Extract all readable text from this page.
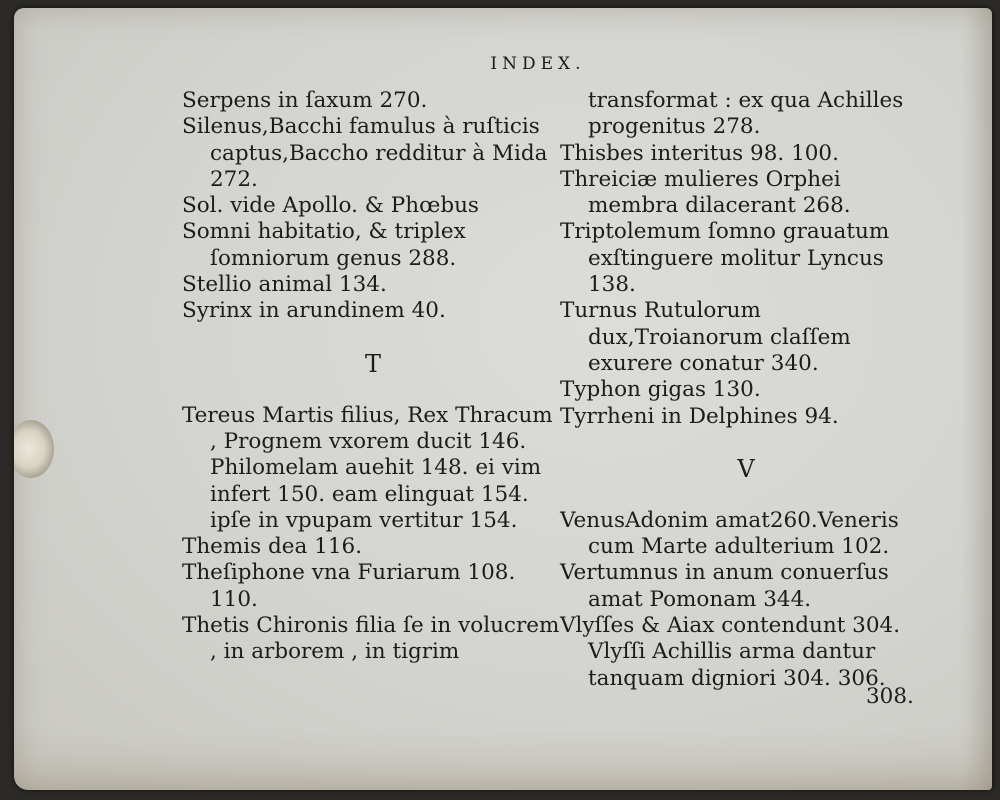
INDEX.

Serpens in ſaxum 270.

Silenus,Bacchi famulus à ruſticis captus,Baccho redditur à Mida 272.

Sol. vide Apollo. & Phœbus

Somni habitatio, & triplex ſomniorum genus 288.

Stellio animal 134.

Syrinx in arundinem 40.

T

Tereus Martis filius, Rex Thracum , Prognem vxorem ducit 146. Philomelam auehit 148. ei vim infert 150. eam elinguat 154. ipſe in vpupam vertitur 154.

Themis dea 116.

Theſiphone vna Furiarum 108. 110.

Thetis Chironis filia ſe in volucrem , in arborem , in tigrim

transformat : ex qua Achilles progenitus 278.

Thisbes interitus 98. 100.

Threiciæ mulieres Orphei membra dilacerant 268.

Triptolemum ſomno grauatum exſtinguere molitur Lyncus 138.

Turnus Rutulorum dux,Troianorum claſſem exurere conatur 340.

Typhon gigas 130.

Tyrrheni in Delphines 94.

V

VenusAdonim amat260.Veneris cum Marte adulterium 102.

Vertumnus in anum conuerſus amat Pomonam 344.

Vlyſſes & Aiax contendunt 304. Vlyſſi Achillis arma dantur tanquam digniori 304. 306.

308.
